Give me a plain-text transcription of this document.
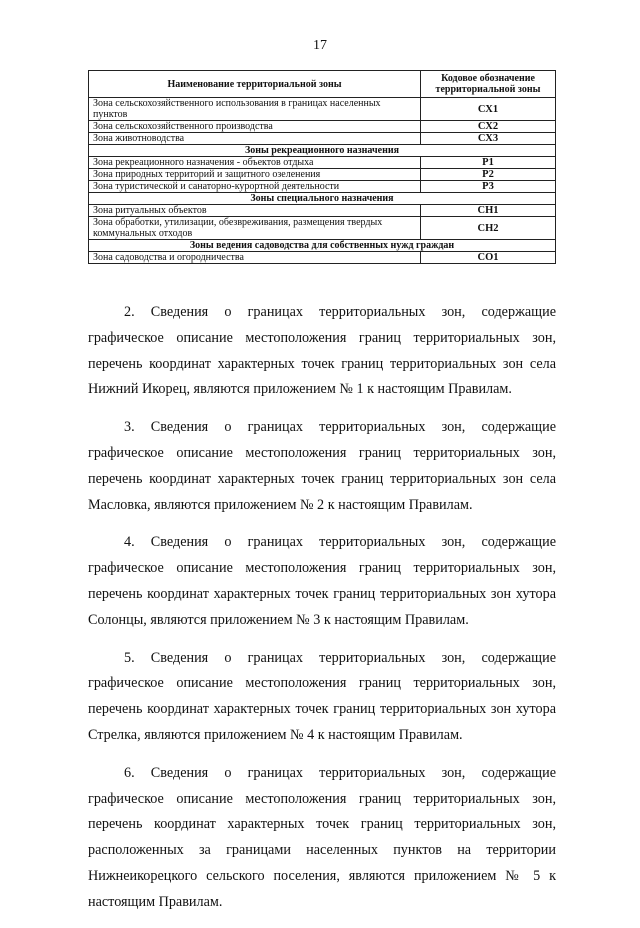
17
Наименование территориальной зоны	Кодовое обозначение территориальной зоны
Зона сельскохозяйственного использования в границах населенных пунктов	СХ1
Зона сельскохозяйственного производства	СХ2
Зона животноводства	СХ3
Зоны рекреационного назначения	
Зона рекреационного назначения - объектов отдыха	Р1
Зона природных территорий и защитного озеленения	Р2
Зона туристической и санаторно-курортной деятельности	Р3
Зоны специального назначения	
Зона ритуальных объектов	СН1
Зона обработки, утилизации, обезвреживания, размещения твердых коммунальных отходов	СН2
Зоны ведения садоводства для собственных нужд граждан	
Зона садоводства и огородничества	СО1

2. Сведения о границах территориальных зон, содержащие графическое описание местоположения границ территориальных зон, перечень координат характерных точек границ территориальных зон села Нижний Икорец, являются приложением № 1 к настоящим Правилам.

3. Сведения о границах территориальных зон, содержащие графическое описание местоположения границ территориальных зон, перечень координат характерных точек границ территориальных зон села Масловка, являются приложением № 2 к настоящим Правилам.

4. Сведения о границах территориальных зон, содержащие графическое описание местоположения границ территориальных зон, перечень координат характерных точек границ территориальных зон хутора Солонцы, являются приложением № 3 к настоящим Правилам.

5. Сведения о границах территориальных зон, содержащие графическое описание местоположения границ территориальных зон, перечень координат характерных точек границ территориальных зон хутора Стрелка, являются приложением № 4 к настоящим Правилам.

6. Сведения о границах территориальных зон, содержащие графическое описание местоположения границ территориальных зон, перечень координат характерных точек границ территориальных зон, расположенных за границами населенных пунктов на территории Нижнеикорецкого сельского поселения, являются приложением № 5 к настоящим Правилам.
